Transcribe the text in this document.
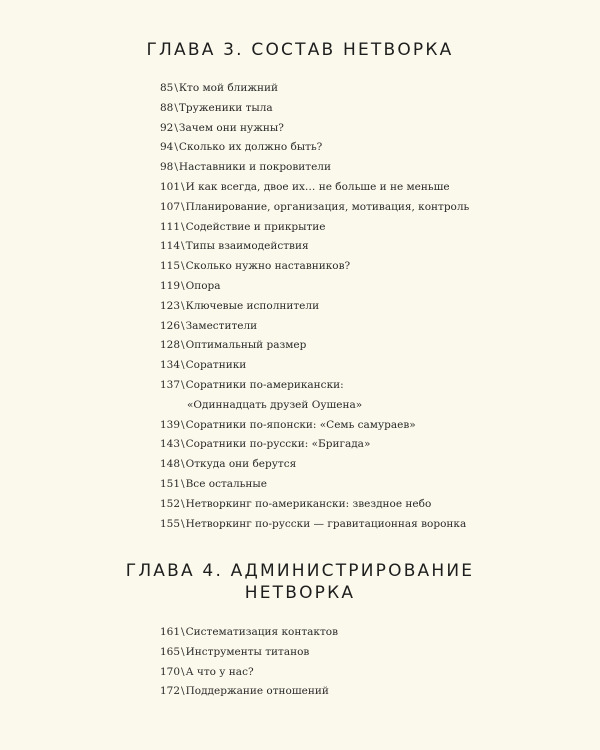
ГЛАВА 3. СОСТАВ НЕТВОРКА
85\Кто мой ближний
88\Труженики тыла
92\Зачем они нужны?
94\Сколько их должно быть?
98\Наставники и покровители
101\И как всегда, двое их… не больше и не меньше
107\Планирование, организация, мотивация, контроль
111\Содействие и прикрытие
114\Типы взаимодействия
115\Сколько нужно наставников?
119\Опора
123\Ключевые исполнители
126\Заместители
128\Оптимальный размер
134\Соратники
137\Соратники по-американски:
«Одиннадцать друзей Оушена»
139\Соратники по-японски: «Семь самураев»
143\Соратники по-русски: «Бригада»
148\Откуда они берутся
151\Все остальные
152\Нетворкинг по-американски: звездное небо
155\Нетворкинг по-русски — гравитационная воронка
ГЛАВА 4. АДМИНИСТРИРОВАНИЕ
НЕТВОРКА
161\Систематизация контактов
165\Инструменты титанов
170\А что у нас?
172\Поддержание отношений
